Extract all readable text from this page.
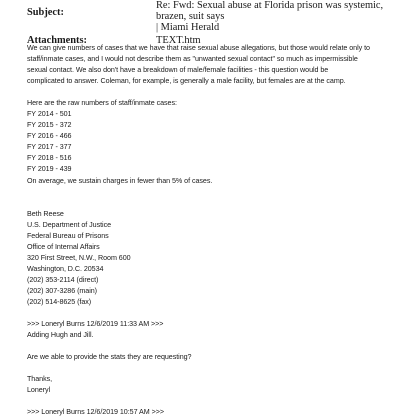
Subject:
Re: Fwd: Sexual abuse at Florida prison was systemic, brazen, suit says
| Miami Herald
Attachments:	TEXT.htm

We can give numbers of cases that we have that raise sexual abuse allegations, but those would relate only to

staff/inmate cases, and I would not describe them as "unwanted sexual contact" so much as impermissible

sexual contact. We also don't have a breakdown of male/female facilities - this question would be

complicated to answer. Coleman, for example, is generally a male facility, but females are at the camp.

Here are the raw numbers of staff/inmate cases:

FY 2014 - 501

FY 2015 - 372

FY 2016 - 466

FY 2017 - 377

FY 2018 - 516

FY 2019 - 439

On average, we sustain charges in fewer than 5% of cases.

Beth Reese

U.S. Department of Justice

Federal Bureau of Prisons

Office of Internal Affairs

320 First Street, N.W., Room 600

Washington, D.C. 20534

(202) 353-2114 (direct)

(202) 307-3286 (main)

(202) 514-8625 (fax)

>>> Loneryl Burns 12/6/2019 11:33 AM >>>

Adding Hugh and Jill.

Are we able to provide the stats they are requesting?

Thanks,

Loneryl

>>> Loneryl Burns 12/6/2019 10:57 AM >>>
